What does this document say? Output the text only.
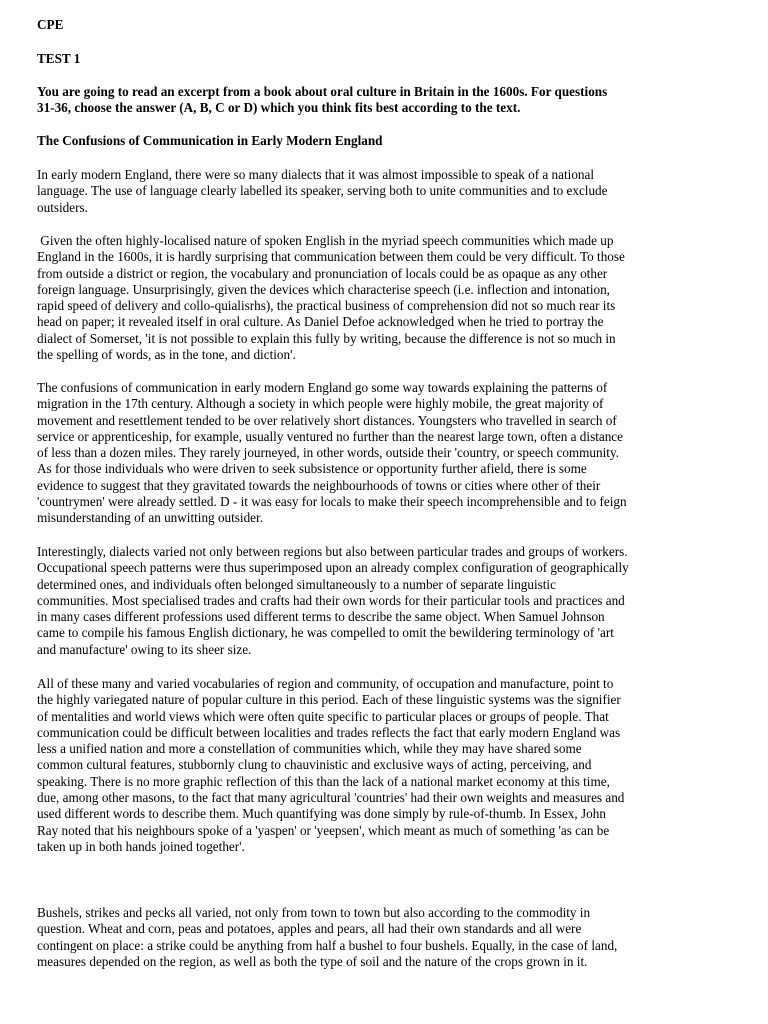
CPE

TEST 1

You are going to read an excerpt from a book about oral culture in Britain in the 1600s. For questions
31-36, choose the answer (A, B, C or D) which you think fits best according to the text.

The Confusions of Communication in Early Modern England

In early modern England, there were so many dialects that it was almost impossible to speak of a national
language. The use of language clearly labelled its speaker, serving both to unite communities and to exclude
outsiders.
Given the often highly-localised nature of spoken English in the myriad speech communities which made up
England in the 1600s, it is hardly surprising that communication between them could be very difficult. To those
from outside a district or region, the vocabulary and pronunciation of locals could be as opaque as any other
foreign language. Unsurprisingly, given the devices which characterise speech (i.e. inflection and intonation,
rapid speed of delivery and collo-quialisrhs), the practical business of comprehension did not so much rear its
head on paper; it revealed itself in oral culture. As Daniel Defoe acknowledged when he tried to portray the
dialect of Somerset, 'it is not possible to explain this fully by writing, because the difference is not so much in
the spelling of words, as in the tone, and diction'.
The confusions of communication in early modern England go some way towards explaining the patterns of
migration in the 17th century. Although a society in which people were highly mobile, the great majority of
movement and resettlement tended to be over relatively short distances. Youngsters who travelled in search of
service or apprenticeship, for example, usually ventured no further than the nearest large town, often a distance
of less than a dozen miles. They rarely journeyed, in other words, outside their 'country, or speech community.
As for those individuals who were driven to seek subsistence or opportunity further afield, there is some
evidence to suggest that they gravitated towards the neighbourhoods of towns or cities where other of their
'countrymen' were already settled. D - it was easy for locals to make their speech incomprehensible and to feign
misunderstanding of an unwitting outsider.
Interestingly, dialects varied not only between regions but also between particular trades and groups of workers.
Occupational speech patterns were thus superimposed upon an already complex configuration of geographically
determined ones, and individuals often belonged simultaneously to a number of separate linguistic
communities. Most specialised trades and crafts had their own words for their particular tools and practices and
in many cases different professions used different terms to describe the same object. When Samuel Johnson
came to compile his famous English dictionary, he was compelled to omit the bewildering terminology of 'art
and manufacture' owing to its sheer size.
All of these many and varied vocabularies of region and community, of occupation and manufacture, point to
the highly variegated nature of popular culture in this period. Each of these linguistic systems was the signifier
of mentalities and world views which were often quite specific to particular places or groups of people. That
communication could be difficult between localities and trades reflects the fact that early modern England was
less a unified nation and more a constellation of communities which, while they may have shared some
common cultural features, stubbornly clung to chauvinistic and exclusive ways of acting, perceiving, and
speaking. There is no more graphic reflection of this than the lack of a national market economy at this time,
due, among other masons, to the fact that many agricultural 'countries' had their own weights and measures and
used different words to describe them. Much quantifying was done simply by rule-of-thumb. In Essex, John
Ray noted that his neighbours spoke of a 'yaspen' or 'yeepsen', which meant as much of something 'as can be
taken up in both hands joined together'.
Bushels, strikes and pecks all varied, not only from town to town but also according to the commodity in
question. Wheat and corn, peas and potatoes, apples and pears, all had their own standards and all were
contingent on place: a strike could be anything from half a bushel to four bushels. Equally, in the case of land,
measures depended on the region, as well as both the type of soil and the nature of the crops grown in it.
